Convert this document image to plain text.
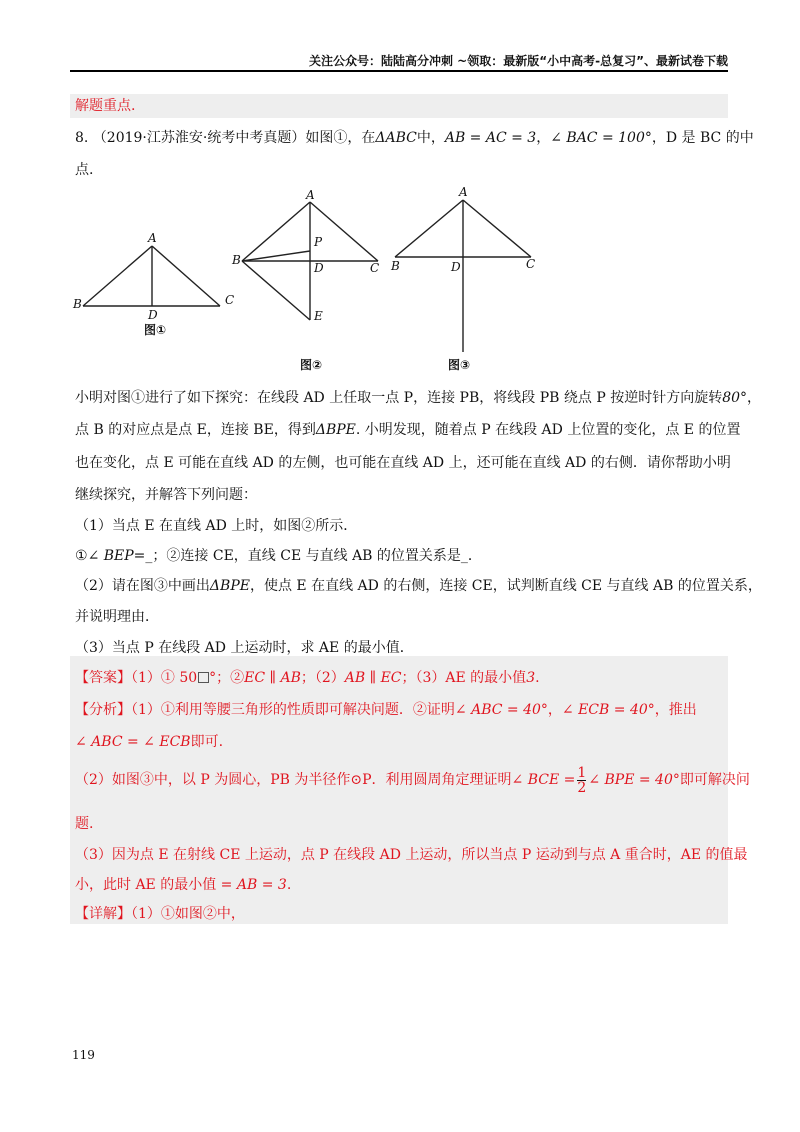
关注公众号：陆陆高分冲刺 ~领取：最新版“小中高考-总复习”、最新试卷下载
解题重点.
8. （2019·江苏淮安·统考中考真题）如图①，在ΔABC中，AB = AC = 3，∠ BAC = 100°，D 是 BC 的中
点.
A
B	C
D
图①
A
B
C
D
P
E
图②
A
B	C
D
图③
小明对图①进行了如下探究：在线段 AD 上任取一点 P，连接 PB，将线段 PB 绕点 P 按逆时针方向旋转80°，
点 B 的对应点是点 E，连接 BE，得到ΔBPE. 小明发现，随着点 P 在线段 AD 上位置的变化，点 E 的位置
也在变化，点 E 可能在直线 AD 的左侧，也可能在直线 AD 上，还可能在直线 AD 的右侧．请你帮助小明
继续探究，并解答下列问题：
（1）当点 E 在直线 AD 上时，如图②所示．
①∠ BEP=_；②连接 CE，直线 CE 与直线 AB 的位置关系是_．
（2）请在图③中画出ΔBPE，使点 E 在直线 AD 的右侧，连接 CE，试判断直线 CE 与直线 AB 的位置关系，
并说明理由．
（3）当点 P 在线段 AD 上运动时，求 AE 的最小值．
【答案】（1）① 50 °；②EC ∥ AB；（2）AB ∥ EC；（3）AE 的最小值3.
【分析】（1）①利用等腰三角形的性质即可解决问题．②证明∠ ABC = 40°，∠ ECB = 40°，推出
∠ ABC = ∠ ECB即可.
（2）如图③中，以 P 为圆心，PB 为半径作⊙P．利用圆周角定理证明∠ BCE = $\frac{1}{2}$ ∠ BPE = 40°即可解决问
题.
（3）因为点 E 在射线 CE 上运动，点 P 在线段 AD 上运动，所以当点 P 运动到与点 A 重合时，AE 的值最
小，此时 AE 的最小值 = AB = 3.
【详解】（1）①如图②中，
119
